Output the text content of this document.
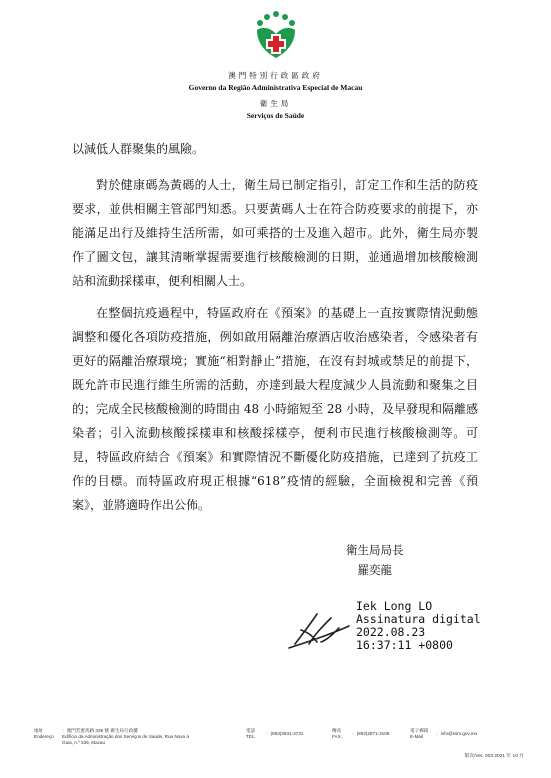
澳門特別行政區政府
Governo da Região Administrativa Especial de Macau
衛生局
Serviços de Saúde
以減低人群聚集的風險。
對於健康碼為黃碼的人士，衛生局已制定指引，訂定工作和生活的防疫要求，並供相關主管部門知悉。只要黃碼人士在符合防疫要求的前提下，亦能滿足出行及維持生活所需，如可乘搭的士及進入超市。此外，衛生局亦製作了圖文包，讓其清晰掌握需要進行核酸檢測的日期，並通過增加核酸檢測站和流動採樣車，便利相關人士。
在整個抗疫過程中，特區政府在《預案》的基礎上一直按實際情況動態調整和優化各項防疫措施，例如啟用隔離治療酒店收治感染者，令感染者有更好的隔離治療環境；實施“相對靜止”措施，在沒有封城或禁足的前提下，既允許市民進行維生所需的活動，亦達到最大程度減少人員流動和聚集之目的；完成全民核酸檢測的時間由 48 小時縮短至 28 小時，及早發現和隔離感染者；引入流動核酸採樣車和核酸採樣亭，便利市民進行核酸檢測等。可見，特區政府結合《預案》和實際情況不斷優化防疫措施，已達到了抗疫工作的目標。而特區政府現正根據“618”疫情的經驗，全面檢視和完善《預案》，並將適時作出公佈。
衛生局局長
羅奕龍
Iek Long LO
Assinatura digital
2022.08.23
16:37:11 +0800
地址
Endereço
：澳門若憲馬路 339 號 衛生局行政樓
Edifício da Administração dos Serviços de Saúde, Rua Nova à
Guia, n.º 339, Macau
電話
TEL.
：(853)2831-3731
傳真
FAX.
：(853)2871-3105
電子郵箱
E-Mail
：info@ssm.gov.mo
版次/Ver. 003 2021 年 10 月
